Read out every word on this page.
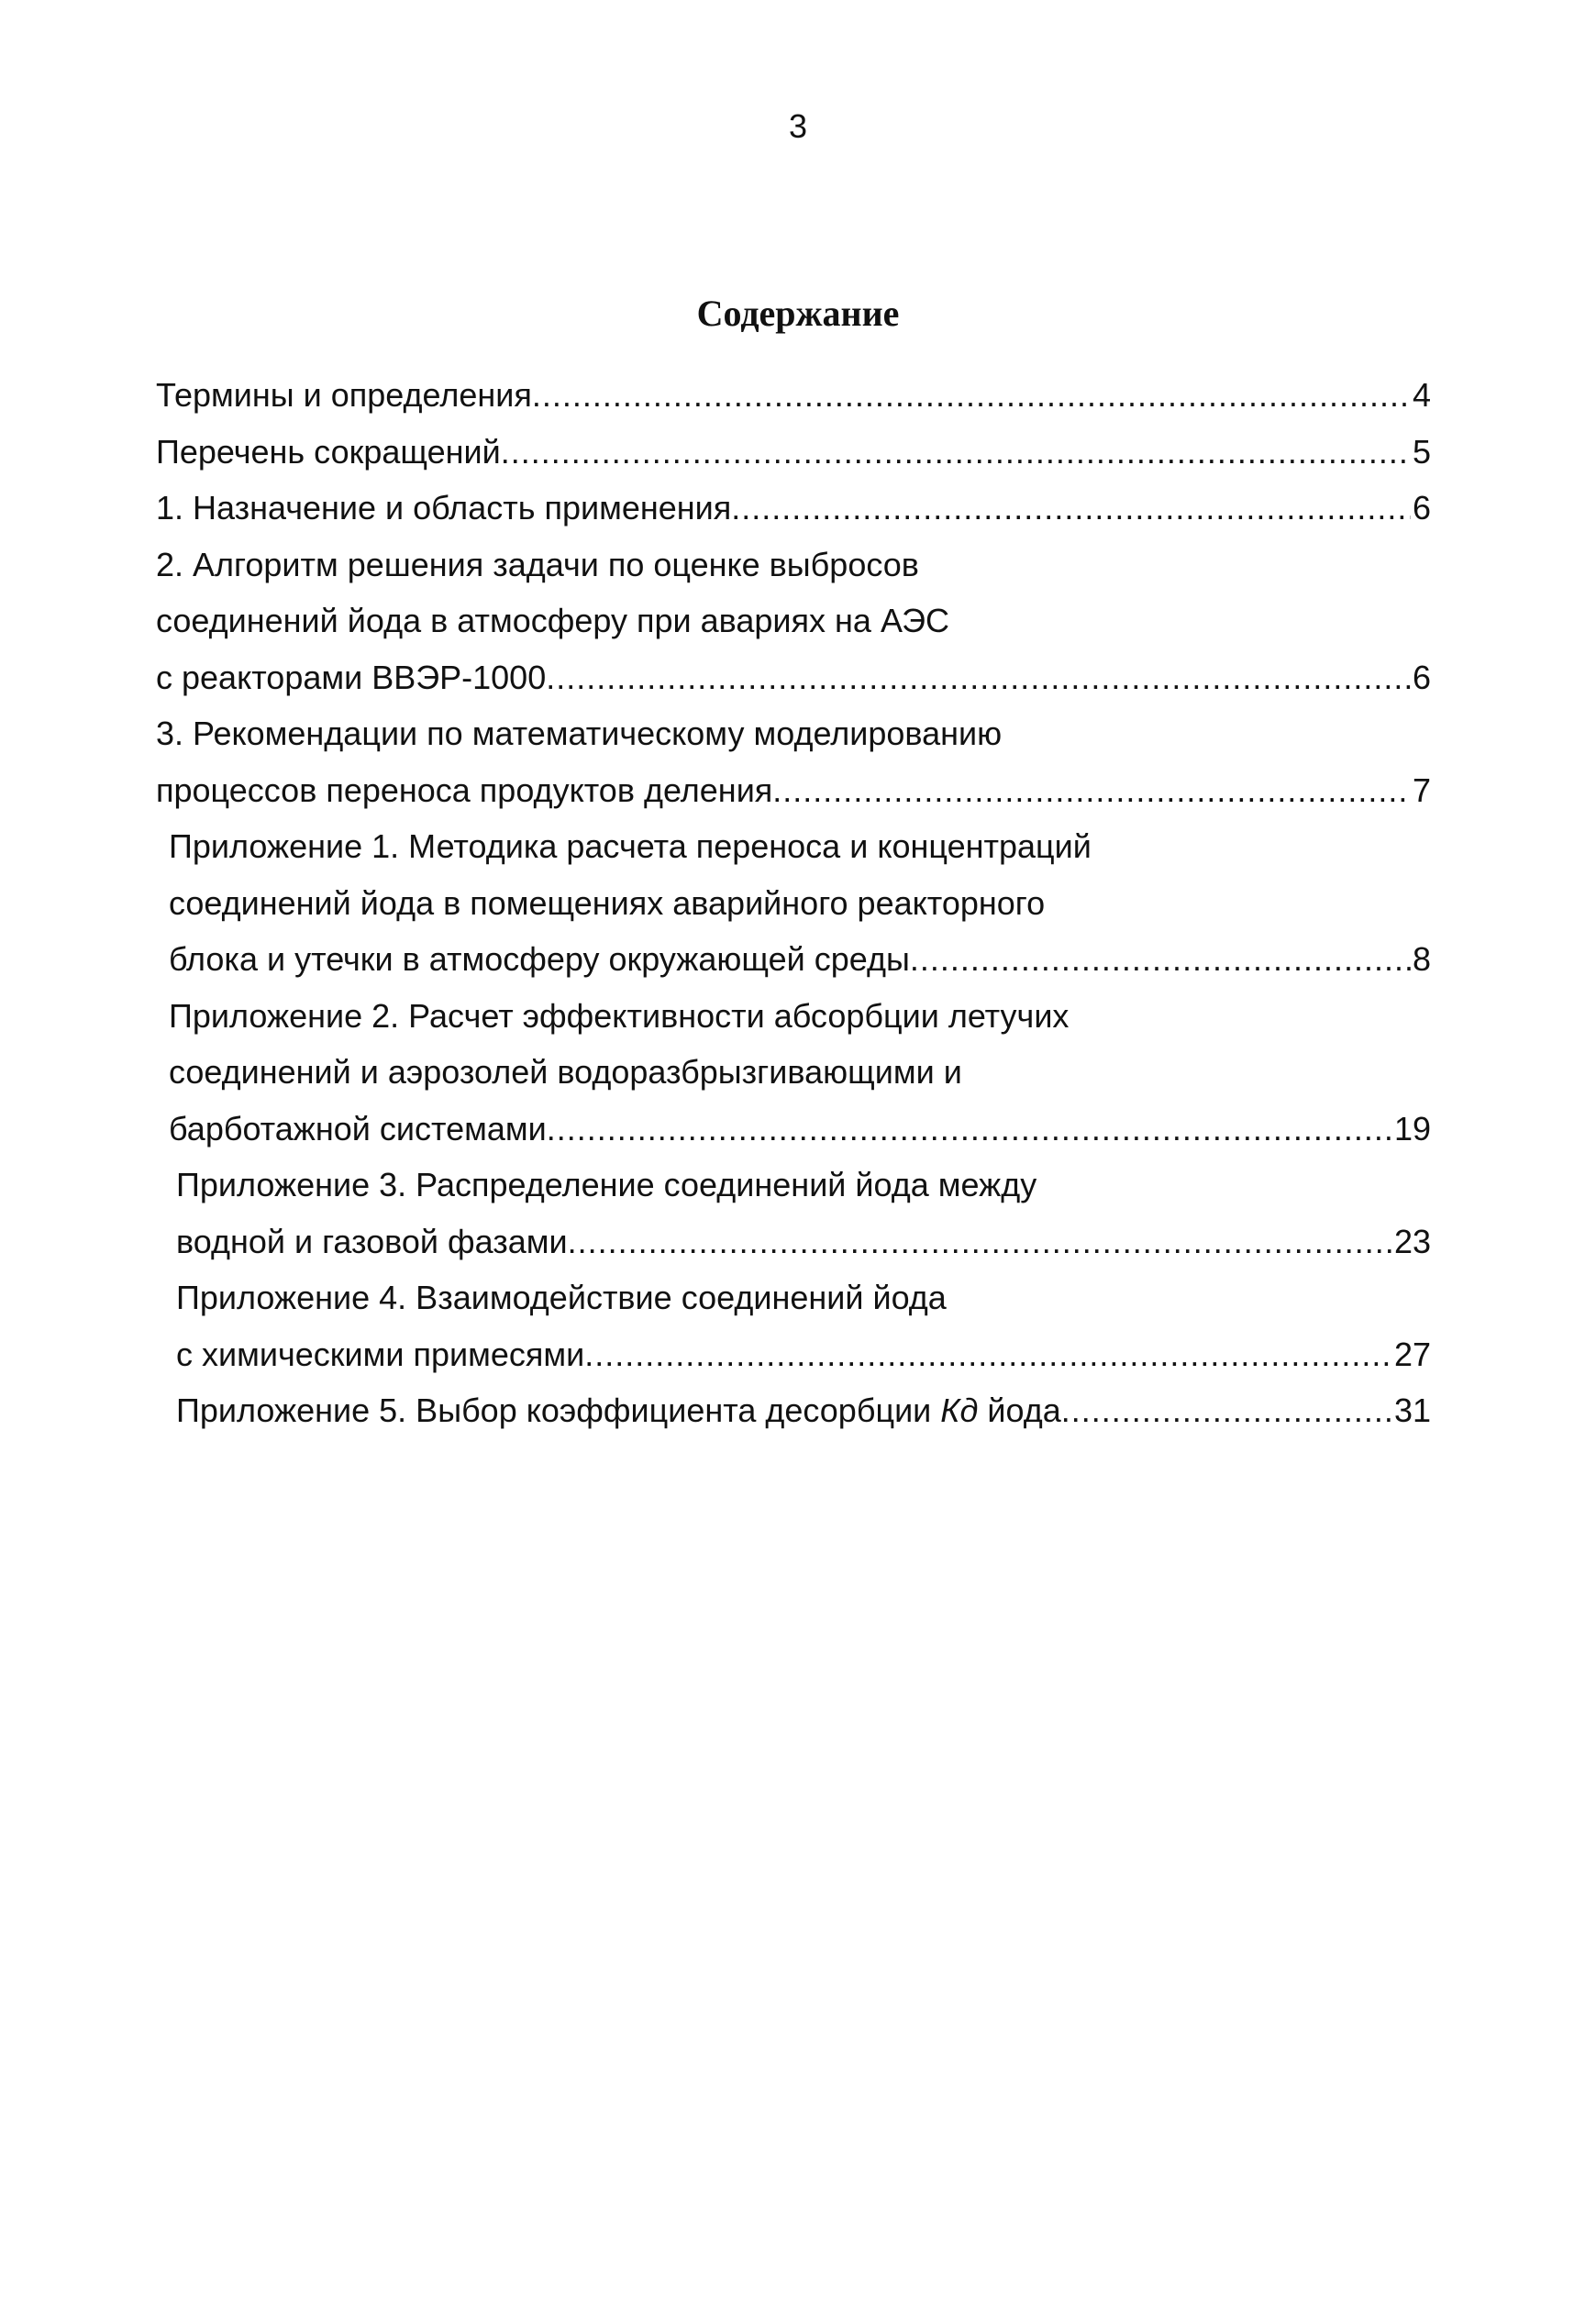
3
Содержание
Термины и определения .....	4
Перечень сокращений .....	5
1. Назначение и область применения .....	6
2. Алгоритм решения задачи по оценке выбросов
соединений йода в атмосферу при авариях на АЭС
с реакторами ВВЭР-1000 .....	6
3. Рекомендации по математическому моделированию
процессов переноса продуктов деления .....	7
Приложение 1. Методика расчета переноса и концентраций
соединений йода в помещениях аварийного реакторного
блока и утечки в атмосферу окружающей среды .....	8
Приложение 2. Расчет эффективности абсорбции летучих
соединений и аэрозолей водоразбрызгивающими и
барботажной системами .....	19
Приложение 3. Распределение соединений йода между
водной и газовой фазами .....	23
Приложение 4. Взаимодействие соединений йода
с химическими примесями .....	27
Приложение 5. Выбор коэффициента десорбции Кд йода .....	31
